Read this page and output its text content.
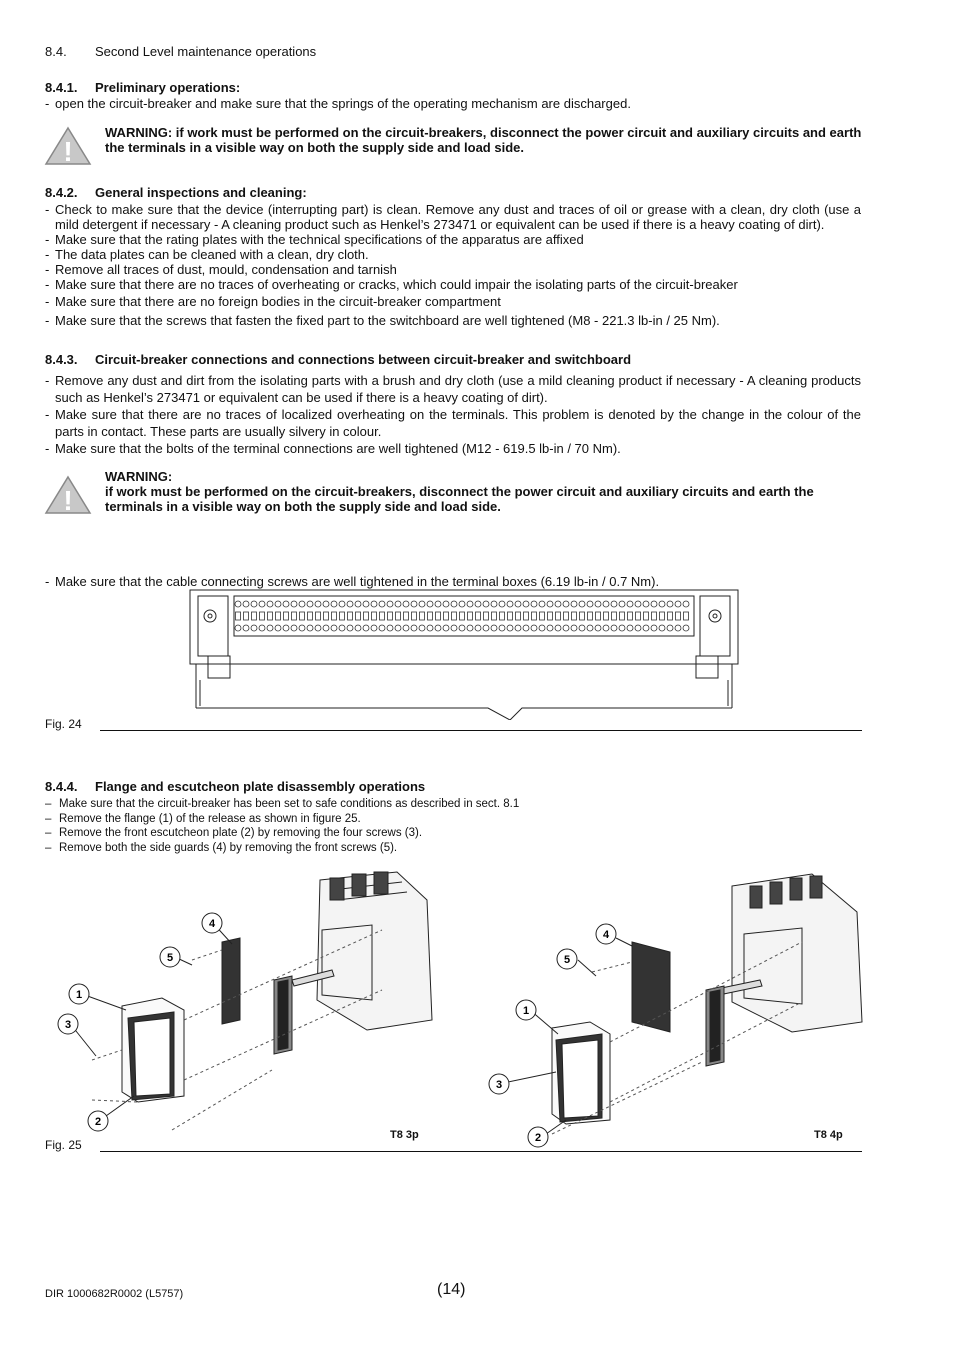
8.4. Second Level maintenance operations
8.4.1. Preliminary operations:
- open the circuit-breaker and make sure that the springs of the operating mechanism are discharged.
!
WARNING: if work must be performed on the circuit-breakers, disconnect the power circuit and auxiliary circuits and earth the terminals in a visible way on both the supply side and load side.
8.4.2. General inspections and cleaning:
- Check to make sure that the device (interrupting part) is clean. Remove any dust and traces of oil or grease with a clean, dry cloth (use a mild detergent if necessary - A cleaning product such as Henkel’s 273471 or equivalent can be used if there is a heavy coating of dirt).
- Make sure that the rating plates with the technical specifications of the apparatus are affixed
- The data plates can be cleaned with a clean, dry cloth.
- Remove all traces of dust, mould, condensation and tarnish
- Make sure that there are no traces of overheating or cracks, which could impair the isolating parts of the circuit-breaker
- Make sure that there are no foreign bodies in the circuit-breaker compartment
- Make sure that the screws that fasten the fixed part to the switchboard are well tightened (M8 - 221.3 lb-in / 25 Nm).
8.4.3. Circuit-breaker connections and connections between circuit-breaker and switchboard
- Remove any dust and dirt from the isolating parts with a brush and dry cloth (use a mild cleaning product if necessary - A cleaning products such as Henkel’s 273471 or equivalent can be used if there is a heavy coating of dirt).
- Make sure that there are no traces of localized overheating on the terminals. This problem is denoted by the change in the colour of the parts in contact. These parts are usually silvery in colour.
- Make sure that the bolts of the terminal connections are well tightened (M12 - 619.5 lb-in / 70 Nm).
!
WARNING:
if work must be performed on the circuit-breakers, disconnect the power circuit and auxiliary circuits and earth the terminals in a visible way on both the supply side and load side.
- Make sure that the cable connecting screws are well tightened in the terminal boxes (6.19 lb-in / 0.7 Nm).
Fig. 24
8.4.4. Flange and escutcheon plate disassembly operations
– Make sure that the circuit-breaker has been set to safe conditions as described in sect. 8.1
– Remove the flange (1) of the release as shown in figure 25.
– Remove the front escutcheon plate (2) by removing the four screws (3).
– Remove both the side guards (4) by removing the front screws (5).
1
2
3
4
5
T8 3p
1
2
3
4
5
T8 4p
Fig. 25
DIR 1000682R0002 (L5757)	(14)
